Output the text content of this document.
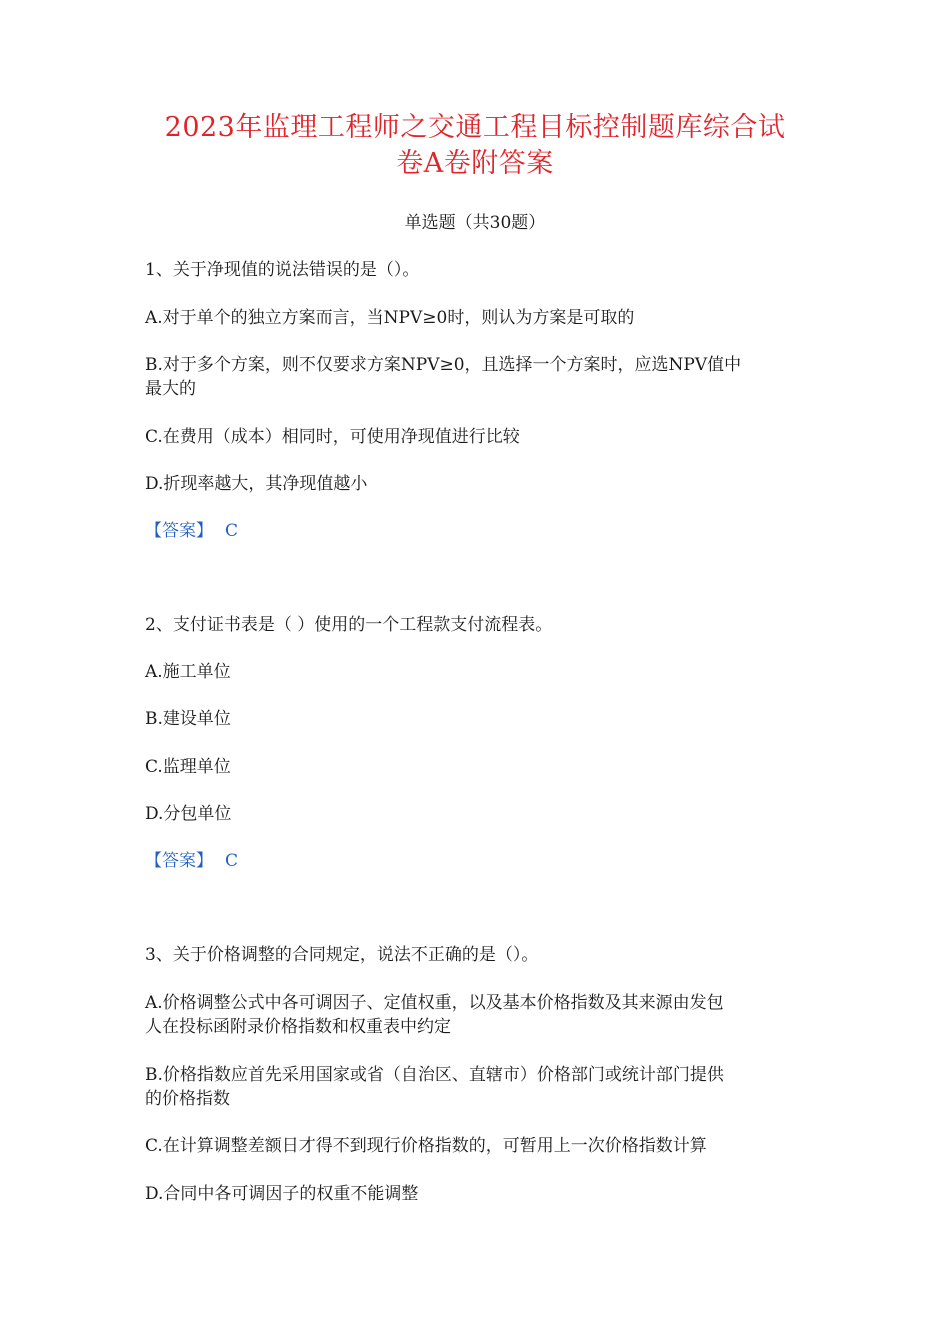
2023年监理工程师之交通工程目标控制题库综合试
卷A卷附答案
单选题（共30题）
1、关于净现值的说法错误的是（）。
A.对于单个的独立方案而言，当NPV≥0时，则认为方案是可取的
B.对于多个方案，则不仅要求方案NPV≥0，且选择一个方案时，应选NPV值中
最大的
C.在费用（成本）相同时，可使用净现值进行比较
D.折现率越大，其净现值越小
【答案】 C
2、支付证书表是（ ）使用的一个工程款支付流程表。
A.施工单位
B.建设单位
C.监理单位
D.分包单位
【答案】 C
3、关于价格调整的合同规定，说法不正确的是（）。
A.价格调整公式中各可调因子、定值权重，以及基本价格指数及其来源由发包
人在投标函附录价格指数和权重表中约定
B.价格指数应首先采用国家或省（自治区、直辖市）价格部门或统计部门提供
的价格指数
C.在计算调整差额日才得不到现行价格指数的，可暂用上一次价格指数计算
D.合同中各可调因子的权重不能调整
